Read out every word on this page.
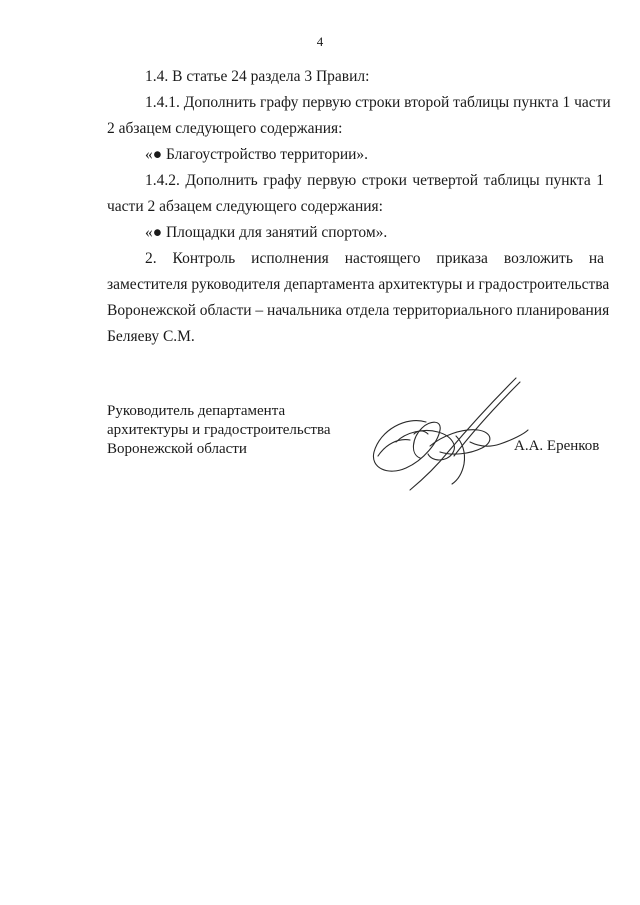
4
1.4. В статье 24 раздела 3 Правил:
1.4.1. Дополнить графу первую строки второй таблицы пункта 1 части
2 абзацем следующего содержания:
«● Благоустройство территории».
1.4.2. Дополнить графу первую строки четвертой таблицы пункта 1
части 2 абзацем следующего содержания:
«● Площадки для занятий спортом».
2.   Контроль   исполнения   настоящего   приказа   возложить   на
заместителя руководителя департамента архитектуры и градостроительства
Воронежской области – начальника отдела территориального планирования
Беляеву С.М.
Руководитель департамента
архитектуры и градостроительства
Воронежской области	А.А. Еренков
